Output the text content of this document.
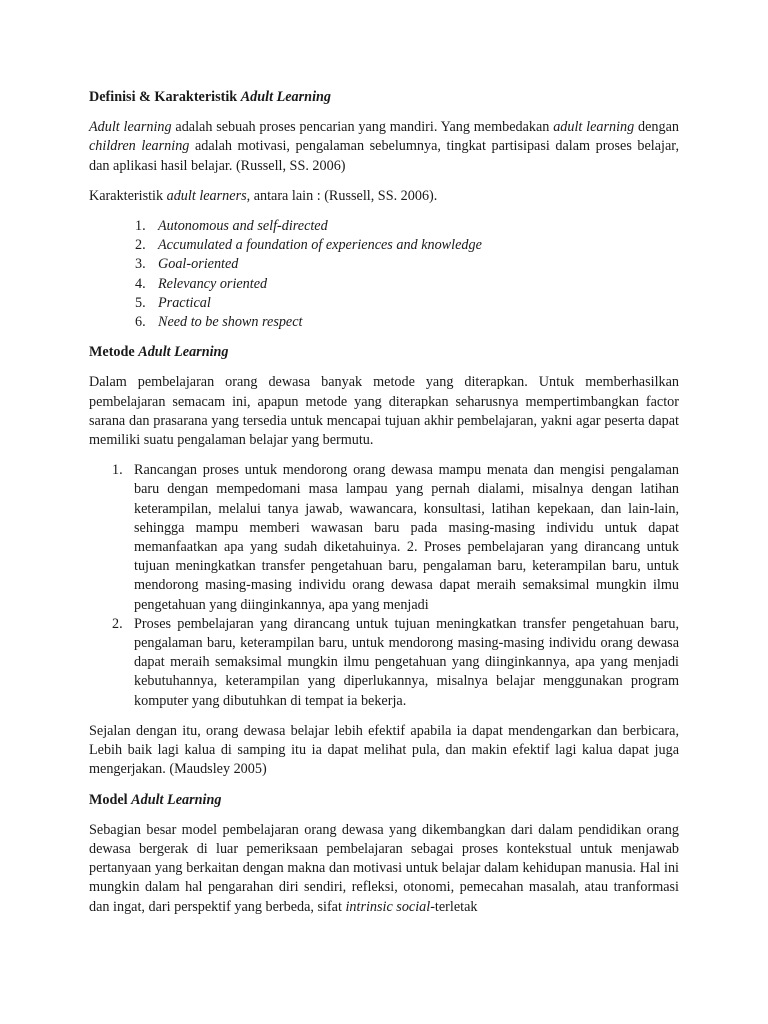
Definisi & Karakteristik Adult Learning

Adult learning adalah sebuah proses pencarian yang mandiri. Yang membedakan adult learning dengan children learning adalah motivasi, pengalaman sebelumnya, tingkat partisipasi dalam proses belajar, dan aplikasi hasil belajar. (Russell, SS. 2006)

Karakteristik adult learners, antara lain : (Russell, SS. 2006).

1. Autonomous and self-directed
2. Accumulated a foundation of experiences and knowledge
3. Goal-oriented
4. Relevancy oriented
5. Practical
6. Need to be shown respect
Metode Adult Learning

Dalam pembelajaran orang dewasa banyak metode yang diterapkan. Untuk memberhasilkan pembelajaran semacam ini, apapun metode yang diterapkan seharusnya mempertimbangkan factor sarana dan prasarana yang tersedia untuk mencapai tujuan akhir pembelajaran, yakni agar peserta dapat memiliki suatu pengalaman belajar yang bermutu.

1. Rancangan proses untuk mendorong orang dewasa mampu menata dan mengisi pengalaman baru dengan mempedomani masa lampau yang pernah dialami, misalnya dengan latihan keterampilan, melalui tanya jawab, wawancara, konsultasi, latihan kepekaan, dan lain-lain, sehingga mampu memberi wawasan baru pada masing-masing individu untuk dapat memanfaatkan apa yang sudah diketahuinya. 2. Proses pembelajaran yang dirancang untuk tujuan meningkatkan transfer pengetahuan baru, pengalaman baru, keterampilan baru, untuk mendorong masing-masing individu orang dewasa dapat meraih semaksimal mungkin ilmu pengetahuan yang diinginkannya, apa yang menjadi
2. Proses pembelajaran yang dirancang untuk tujuan meningkatkan transfer pengetahuan baru, pengalaman baru, keterampilan baru, untuk mendorong masing-masing individu orang dewasa dapat meraih semaksimal mungkin ilmu pengetahuan yang diinginkannya, apa yang menjadi kebutuhannya, keterampilan yang diperlukannya, misalnya belajar menggunakan program komputer yang dibutuhkan di tempat ia bekerja.

Sejalan dengan itu, orang dewasa belajar lebih efektif apabila ia dapat mendengarkan dan berbicara, Lebih baik lagi kalua di samping itu ia dapat melihat pula, dan makin efektif lagi kalua dapat juga mengerjakan. (Maudsley 2005)

Model Adult Learning

Sebagian besar model pembelajaran orang dewasa yang dikembangkan dari dalam pendidikan orang dewasa bergerak di luar pemeriksaan pembelajaran sebagai proses kontekstual untuk menjawab pertanyaan yang berkaitan dengan makna dan motivasi untuk belajar dalam kehidupan manusia. Hal ini mungkin dalam hal pengarahan diri sendiri, refleksi, otonomi, pemecahan masalah, atau tranformasi dan ingat, dari perspektif yang berbeda, sifat intrinsic social-terletak
